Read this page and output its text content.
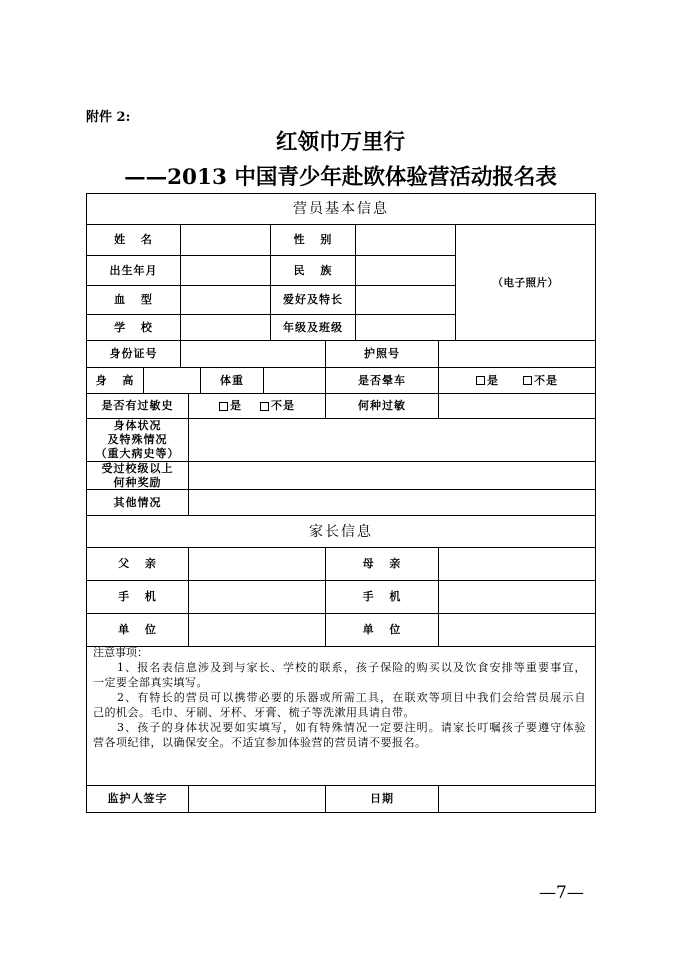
附件 2:
红领巾万里行
——2013 中国青少年赴欧体验营活动报名表
营员基本信息
姓 名	性 别
出生年月	民 族
血 型	爱好及特长
学 校	年级及班级
（电子照片）
身份证号	护照号
身 高	体重	是否晕车	是	不是
是否有过敏史	是	不是	何种过敏
身体状况
及特殊情况
（重大病史等）
受过校级以上
何种奖励
其他情况
家长信息
父 亲	母 亲
手 机	手 机
单 位	单 位
注意事项：
1、报名表信息涉及到与家长、学校的联系，孩子保险的购买以及饮食安排等重要事宜，
一定要全部真实填写。
2、有特长的营员可以携带必要的乐器或所需工具，在联欢等项目中我们会给营员展示自
己的机会。毛巾、牙刷、牙杯、牙膏、梳子等洗漱用具请自带。
3、孩子的身体状况要如实填写，如有特殊情况一定要注明。请家长叮嘱孩子要遵守体验
营各项纪律，以确保安全。不适宜参加体验营的营员请不要报名。
监护人签字	日期
—7—
